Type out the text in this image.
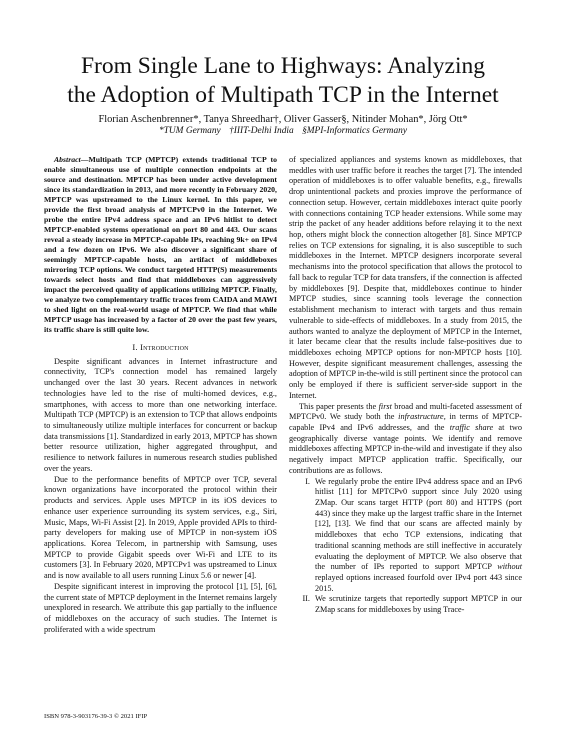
From Single Lane to Highways: Analyzing
the Adoption of Multipath TCP in the Internet
Florian Aschenbrenner*, Tanya Shreedhar†, Oliver Gasser§, Nitinder Mohan*, Jörg Ott*
*TUM Germany †IIIT-Delhi India §MPI-Informatics Germany

Abstract—Multipath TCP (MPTCP) extends traditional TCP to enable simultaneous use of multiple connection endpoints at the source and destination. MPTCP has been under active development since its standardization in 2013, and more recently in February 2020, MPTCP was upstreamed to the Linux kernel. In this paper, we provide the first broad analysis of MPTCPv0 in the Internet. We probe the entire IPv4 address space and an IPv6 hitlist to detect MPTCP-enabled systems operational on port 80 and 443. Our scans reveal a steady increase in MPTCP-capable IPs, reaching 9k+ on IPv4 and a few dozen on IPv6. We also discover a significant share of seemingly MPTCP-capable hosts, an artifact of middleboxes mirroring TCP options. We conduct targeted HTTP(S) measurements towards select hosts and find that middleboxes can aggressively impact the perceived quality of applications utilizing MPTCP. Finally, we analyze two complementary traffic traces from CAIDA and MAWI to shed light on the real-world usage of MPTCP. We find that while MPTCP usage has increased by a factor of 20 over the past few years, its traffic share is still quite low.

I. Introduction

Despite significant advances in Internet infrastructure and connectivity, TCP's connection model has remained largely unchanged over the last 30 years. Recent advances in network technologies have led to the rise of multi-homed devices, e.g., smartphones, with access to more than one networking interface. Multipath TCP (MPTCP) is an extension to TCP that allows endpoints to simultaneously utilize multiple interfaces for concurrent or backup data transmissions [1]. Standardized in early 2013, MPTCP has shown better resource utilization, higher aggregated throughput, and resilience to network failures in numerous research studies published over the years.

Due to the performance benefits of MPTCP over TCP, several known organizations have incorporated the protocol within their products and services. Apple uses MPTCP in its iOS devices to enhance user experience surrounding its system services, e.g., Siri, Music, Maps, Wi-Fi Assist [2]. In 2019, Apple provided APIs to third-party developers for making use of MPTCP in non-system iOS applications. Korea Telecom, in partnership with Samsung, uses MPTCP to provide Gigabit speeds over Wi-Fi and LTE to its customers [3]. In February 2020, MPTCPv1 was upstreamed to Linux and is now available to all users running Linux 5.6 or newer [4].

Despite significant interest in improving the protocol [1], [5], [6], the current state of MPTCP deployment in the Internet remains largely unexplored in research. We attribute this gap partially to the influence of middleboxes on the accuracy of such studies. The Internet is proliferated with a wide spectrum

of specialized appliances and systems known as middleboxes, that meddles with user traffic before it reaches the target [7]. The intended operation of middleboxes is to offer valuable benefits, e.g., firewalls drop unintentional packets and proxies improve the performance of connection setup. However, certain middleboxes interact quite poorly with connections containing TCP header extensions. While some may strip the packet of any header additions before relaying it to the next hop, others might block the connection altogether [8]. Since MPTCP relies on TCP extensions for signaling, it is also susceptible to such middleboxes in the Internet. MPTCP designers incorporate several mechanisms into the protocol specification that allows the protocol to fall back to regular TCP for data transfers, if the connection is affected by middleboxes [9]. Despite that, middleboxes continue to hinder MPTCP studies, since scanning tools leverage the connection establishment mechanism to interact with targets and thus remain vulnerable to side-effects of middleboxes. In a study from 2015, the authors wanted to analyze the deployment of MPTCP in the Internet, it later became clear that the results include false-positives due to middleboxes echoing MPTCP options for non-MPTCP hosts [10]. However, despite significant measurement challenges, assessing the adoption of MPTCP in-the-wild is still pertinent since the protocol can only be employed if there is sufficient server-side support in the Internet.

This paper presents the first broad and multi-faceted assessment of MPTCPv0. We study both the infrastructure, in terms of MPTCP-capable IPv4 and IPv6 addresses, and the traffic share at two geographically diverse vantage points. We identify and remove middleboxes affecting MPTCP in-the-wild and investigate if they also negatively impact MPTCP application traffic. Specifically, our contributions are as follows.

I. We regularly probe the entire IPv4 address space and an IPv6 hitlist [11] for MPTCPv0 support since July 2020 using ZMap. Our scans target HTTP (port 80) and HTTPS (port 443) since they make up the largest traffic share in the Internet [12], [13]. We find that our scans are affected mainly by middleboxes that echo TCP extensions, indicating that traditional scanning methods are still ineffective in accurately evaluating the deployment of MPTCP. We also observe that the number of IPs reported to support MPTCP without replayed options increased fourfold over IPv4 port 443 since 2015.
II. We scrutinize targets that reportedly support MPTCP in our ZMap scans for middleboxes by using Trace-
ISBN 978-3-903176-39-3 © 2021 IFIP
